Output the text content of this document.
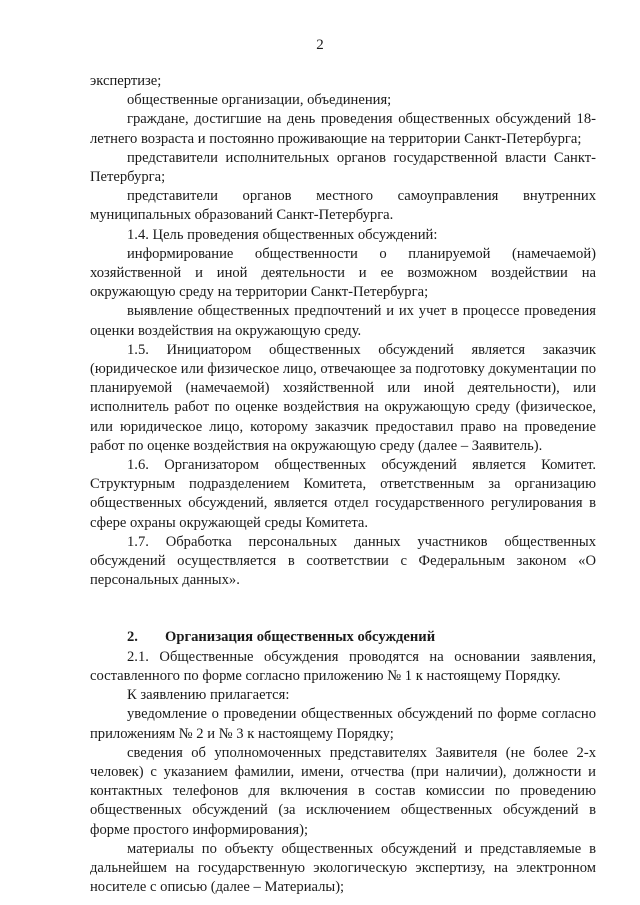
2

экспертизе;

общественные организации, объединения;

граждане, достигшие на день проведения общественных обсуждений 18-летнего возраста и постоянно проживающие на территории Санкт-Петербурга;

представители исполнительных органов государственной власти Санкт-Петербурга;

представители органов местного самоуправления внутренних муниципальных образований Санкт-Петербурга.

1.4. Цель проведения общественных обсуждений:

информирование общественности о планируемой (намечаемой) хозяйственной и иной деятельности и ее возможном воздействии на окружающую среду на территории Санкт-Петербурга;

выявление общественных предпочтений и их учет в процессе проведения оценки воздействия на окружающую среду.

1.5. Инициатором общественных обсуждений является заказчик (юридическое или физическое лицо, отвечающее за подготовку документации по планируемой (намечаемой) хозяйственной или иной деятельности), или исполнитель работ по оценке воздействия на окружающую среду (физическое, или юридическое лицо, которому заказчик предоставил право на проведение работ по оценке воздействия на окружающую среду (далее – Заявитель).

1.6. Организатором общественных обсуждений является Комитет. Структурным подразделением Комитета, ответственным за организацию общественных обсуждений, является отдел государственного регулирования в сфере охраны окружающей среды Комитета.

1.7. Обработка персональных данных участников общественных обсуждений осуществляется в соответствии с Федеральным законом «О персональных данных».

2. Организация общественных обсуждений

2.1. Общественные обсуждения проводятся на основании заявления, составленного по форме согласно приложению № 1 к настоящему Порядку.

К заявлению прилагается:

уведомление о проведении общественных обсуждений по форме согласно приложениям № 2 и № 3 к настоящему Порядку;

сведения об уполномоченных представителях Заявителя (не более 2-х человек) с указанием фамилии, имени, отчества (при наличии), должности и контактных телефонов для включения в состав комиссии по проведению общественных обсуждений (за исключением общественных обсуждений в форме простого информирования);

материалы по объекту общественных обсуждений и представляемые в дальнейшем на государственную экологическую экспертизу, на электронном носителе с описью (далее – Материалы);
